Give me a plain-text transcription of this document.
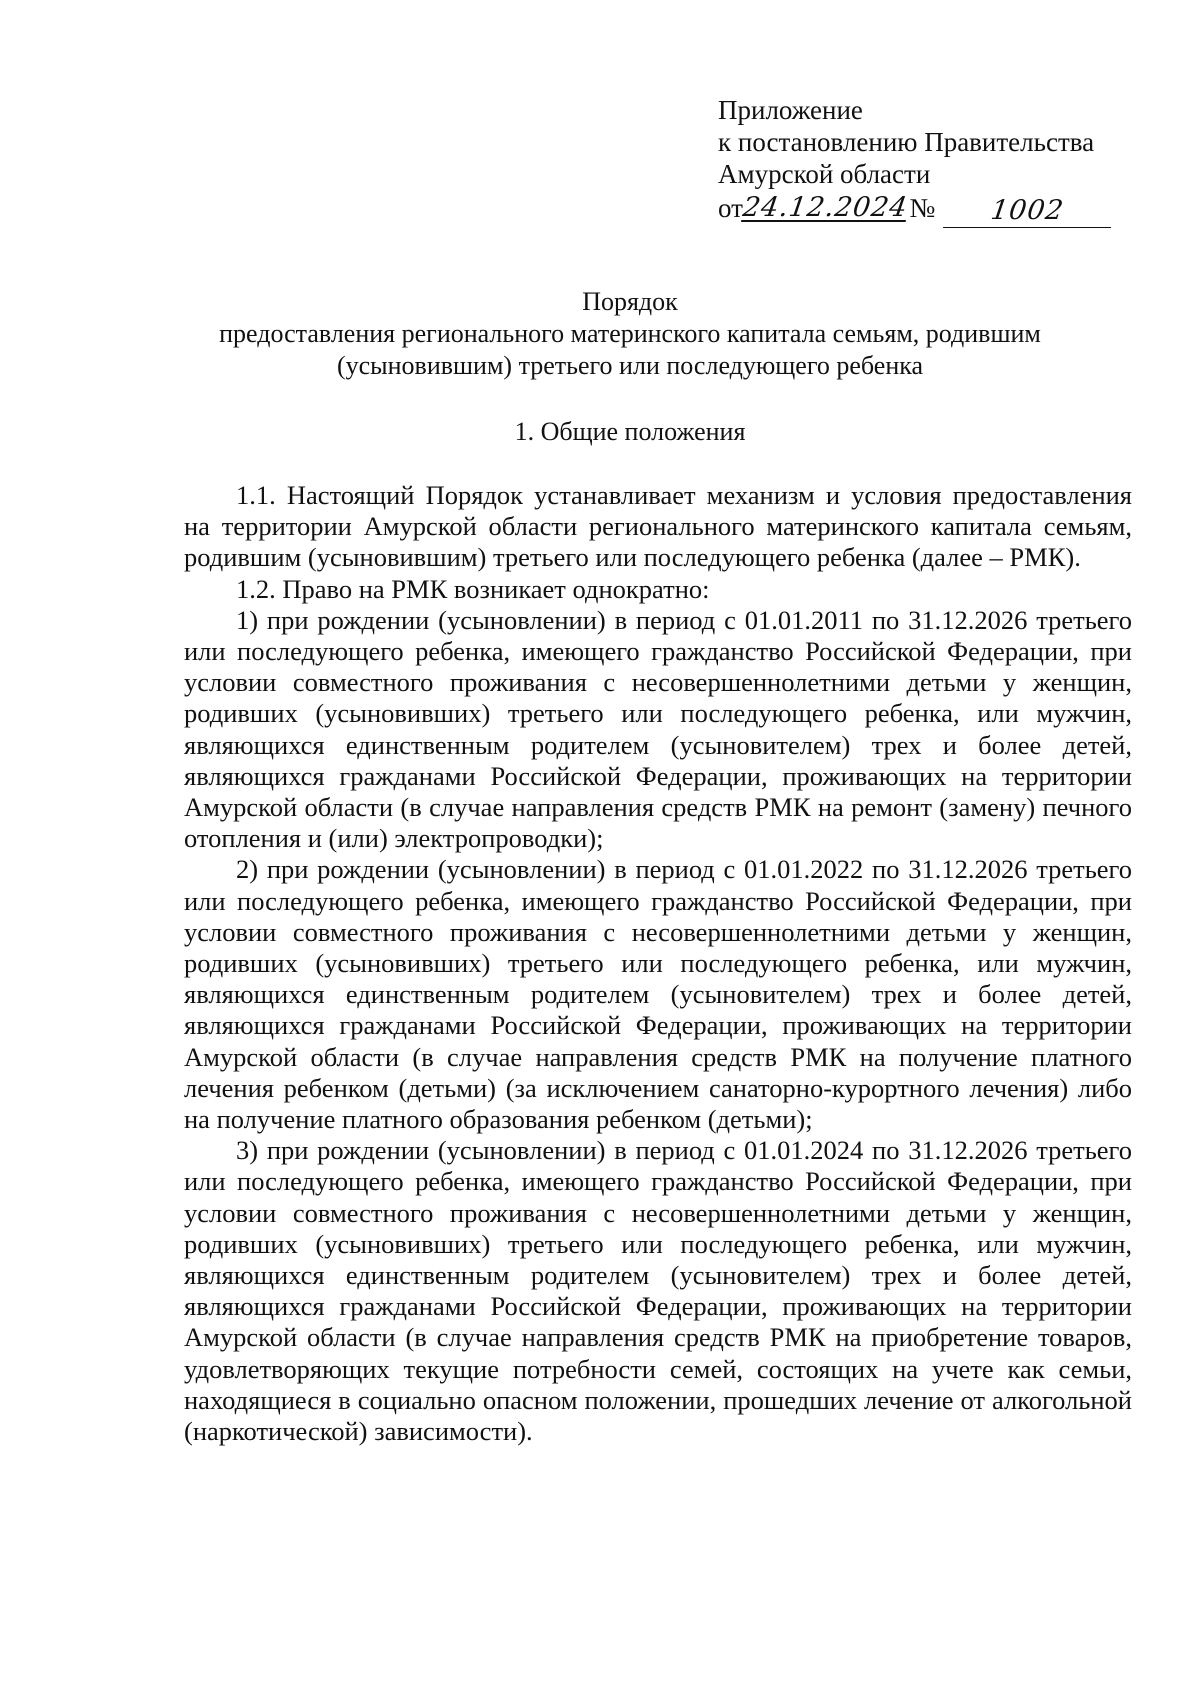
Приложение
к постановлению Правительства
Амурской области
от
24.12.2024 №	1002
Порядок
предоставления регионального материнского капитала семьям, родившим
(усыновившим) третьего или последующего ребенка
1. Общие положения

1.1. Настоящий Порядок устанавливает механизм и условия предоставления на территории Амурской области регионального материнского капитала семьям, родившим (усыновившим) третьего или последующего ребенка (далее – РМК).

1.2. Право на РМК возникает однократно:

1) при рождении (усыновлении) в период с 01.01.2011 по 31.12.2026 третьего или последующего ребенка, имеющего гражданство Российской Федерации, при условии совместного проживания с несовершеннолетними детьми у женщин, родивших (усыновивших) третьего или последующего ребенка, или мужчин, являющихся единственным родителем (усыновителем) трех и более детей, являющихся гражданами Российской Федерации, проживающих на территории Амурской области (в случае направления средств РМК на ремонт (замену) печного отопления и (или) электропроводки);

2) при рождении (усыновлении) в период с 01.01.2022 по 31.12.2026 третьего или последующего ребенка, имеющего гражданство Российской Федерации, при условии совместного проживания с несовершеннолетними детьми у женщин, родивших (усыновивших) третьего или последующего ребенка, или мужчин, являющихся единственным родителем (усыновителем) трех и более детей, являющихся гражданами Российской Федерации, проживающих на территории Амурской области (в случае направления средств РМК на получение платного лечения ребенком (детьми) (за исключением санаторно-курортного лечения) либо на получение платного образования ребенком (детьми);

3) при рождении (усыновлении) в период с 01.01.2024 по 31.12.2026 третьего или последующего ребенка, имеющего гражданство Российской Федерации, при условии совместного проживания с несовершеннолетними детьми у женщин, родивших (усыновивших) третьего или последующего ребенка, или мужчин, являющихся единственным родителем (усыновителем) трех и более детей, являющихся гражданами Российской Федерации, проживающих на территории Амурской области (в случае направления средств РМК на приобретение товаров, удовлетворяющих текущие потребности семей, состоящих на учете как семьи, находящиеся в социально опасном положении, прошедших лечение от алкогольной (наркотической) зависимости).
